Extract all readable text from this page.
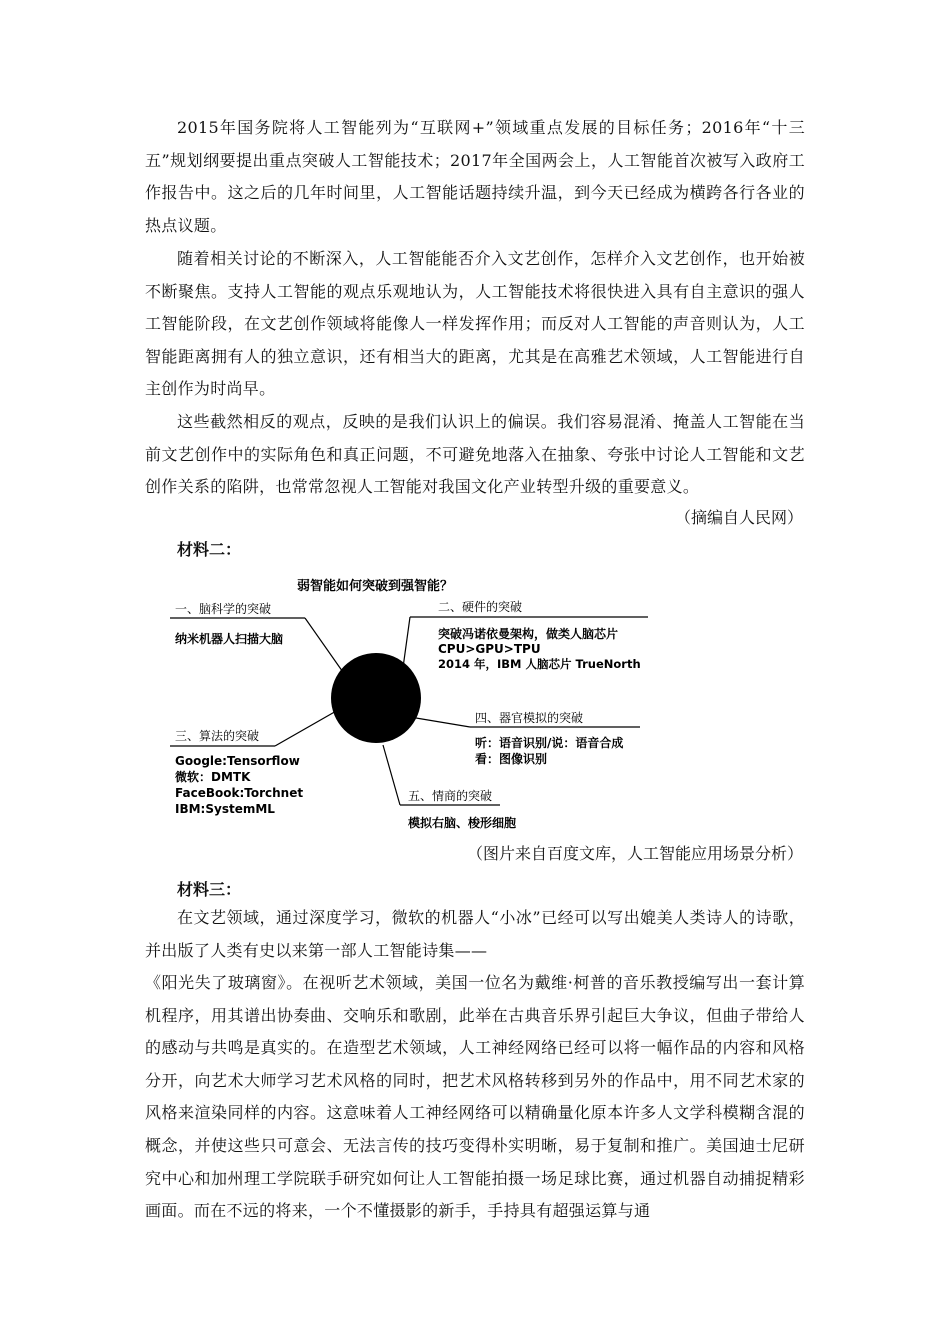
2015年国务院将人工智能列为“互联网+”领域重点发展的目标任务；2016年“十三五”规划纲要提出重点突破人工智能技术；2017年全国两会上，人工智能首次被写入政府工作报告中。这之后的几年时间里，人工智能话题持续升温，到今天已经成为横跨各行各业的热点议题。

随着相关讨论的不断深入，人工智能能否介入文艺创作，怎样介入文艺创作，也开始被不断聚焦。支持人工智能的观点乐观地认为，人工智能技术将很快进入具有自主意识的强人工智能阶段，在文艺创作领域将能像人一样发挥作用；而反对人工智能的声音则认为，人工智能距离拥有人的独立意识，还有相当大的距离，尤其是在高雅艺术领域，人工智能进行自主创作为时尚早。

这些截然相反的观点，反映的是我们认识上的偏误。我们容易混淆、掩盖人工智能在当前文艺创作中的实际角色和真正问题，不可避免地落入在抽象、夸张中讨论人工智能和文艺创作关系的陷阱，也常常忽视人工智能对我国文化产业转型升级的重要意义。

（摘编自人民网）
材料二：
弱智能如何突破到强智能？
一、脑科学的突破
纳米机器人扫描大脑
二、硬件的突破
突破冯诺依曼架构，做类人脑芯片
CPU>GPU>TPU
2014 年，IBM 人脑芯片 TrueNorth
三、算法的突破
Google:Tensorflow
微软：DMTK
FaceBook:Torchnet
IBM:SystemML
四、器官模拟的突破
听：语音识别/说：语音合成
看：图像识别
五、情商的突破
模拟右脑、梭形细胞
（图片来自百度文库，人工智能应用场景分析）
材料三：

在文艺领域，通过深度学习，微软的机器人“小冰”已经可以写出媲美人类诗人的诗歌，并出版了人类有史以来第一部人工智能诗集——

《阳光失了玻璃窗》。在视听艺术领域，美国一位名为戴维·柯普的音乐教授编写出一套计算机程序，用其谱出协奏曲、交响乐和歌剧，此举在古典音乐界引起巨大争议，但曲子带给人的感动与共鸣是真实的。在造型艺术领域，人工神经网络已经可以将一幅作品的内容和风格分开，向艺术大师学习艺术风格的同时，把艺术风格转移到另外的作品中，用不同艺术家的风格来渲染同样的内容。这意味着人工神经网络可以精确量化原本许多人文学科模糊含混的概念，并使这些只可意会、无法言传的技巧变得朴实明晰，易于复制和推广。美国迪士尼研究中心和加州理工学院联手研究如何让人工智能拍摄一场足球比赛，通过机器自动捕捉精彩画面。而在不远的将来，一个不懂摄影的新手，手持具有超强运算与通
